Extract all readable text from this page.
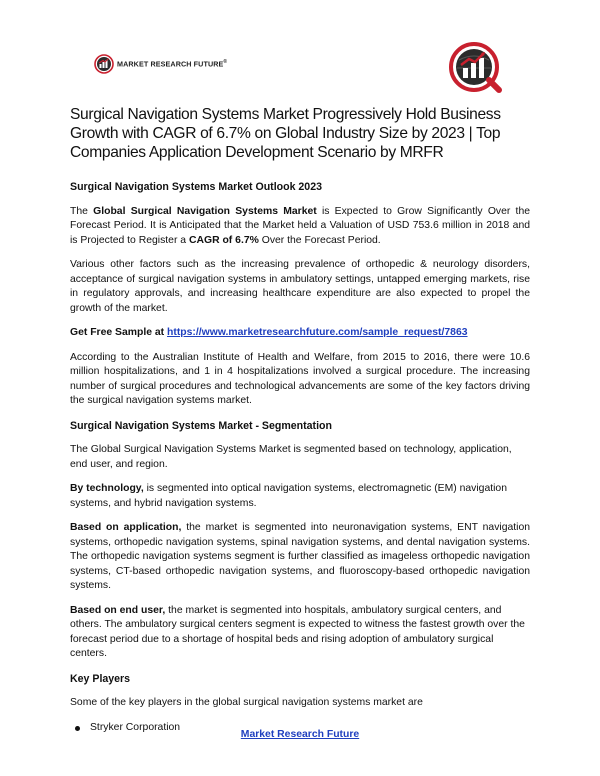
MARKET RESEARCH FUTURE®
Surgical Navigation Systems Market Progressively Hold Business Growth with CAGR of 6.7% on Global Industry Size by 2023 | Top Companies Application Development Scenario by MRFR
Surgical Navigation Systems Market Outlook 2023

The Global Surgical Navigation Systems Market is Expected to Grow Significantly Over the Forecast Period. It is Anticipated that the Market held a Valuation of USD 753.6 million in 2018 and is Projected to Register a CAGR of 6.7% Over the Forecast Period.

Various other factors such as the increasing prevalence of orthopedic & neurology disorders, acceptance of surgical navigation systems in ambulatory settings, untapped emerging markets, rise in regulatory approvals, and increasing healthcare expenditure are also expected to propel the growth of the market.

Get Free Sample at https://www.marketresearchfuture.com/sample_request/7863

According to the Australian Institute of Health and Welfare, from 2015 to 2016, there were 10.6 million hospitalizations, and 1 in 4 hospitalizations involved a surgical procedure. The increasing number of surgical procedures and technological advancements are some of the key factors driving the surgical navigation systems market.

Surgical Navigation Systems Market - Segmentation

The Global Surgical Navigation Systems Market is segmented based on technology, application, end user, and region.

By technology, is segmented into optical navigation systems, electromagnetic (EM) navigation systems, and hybrid navigation systems.

Based on application, the market is segmented into neuronavigation systems, ENT navigation systems, orthopedic navigation systems, spinal navigation systems, and dental navigation systems. The orthopedic navigation systems segment is further classified as imageless orthopedic navigation systems, CT-based orthopedic navigation systems, and fluoroscopy-based orthopedic navigation systems.

Based on end user, the market is segmented into hospitals, ambulatory surgical centers, and others. The ambulatory surgical centers segment is expected to witness the fastest growth over the forecast period due to a shortage of hospital beds and rising adoption of ambulatory surgical centers.

Key Players

Some of the key players in the global surgical navigation systems market are

Stryker Corporation
Market Research Future
